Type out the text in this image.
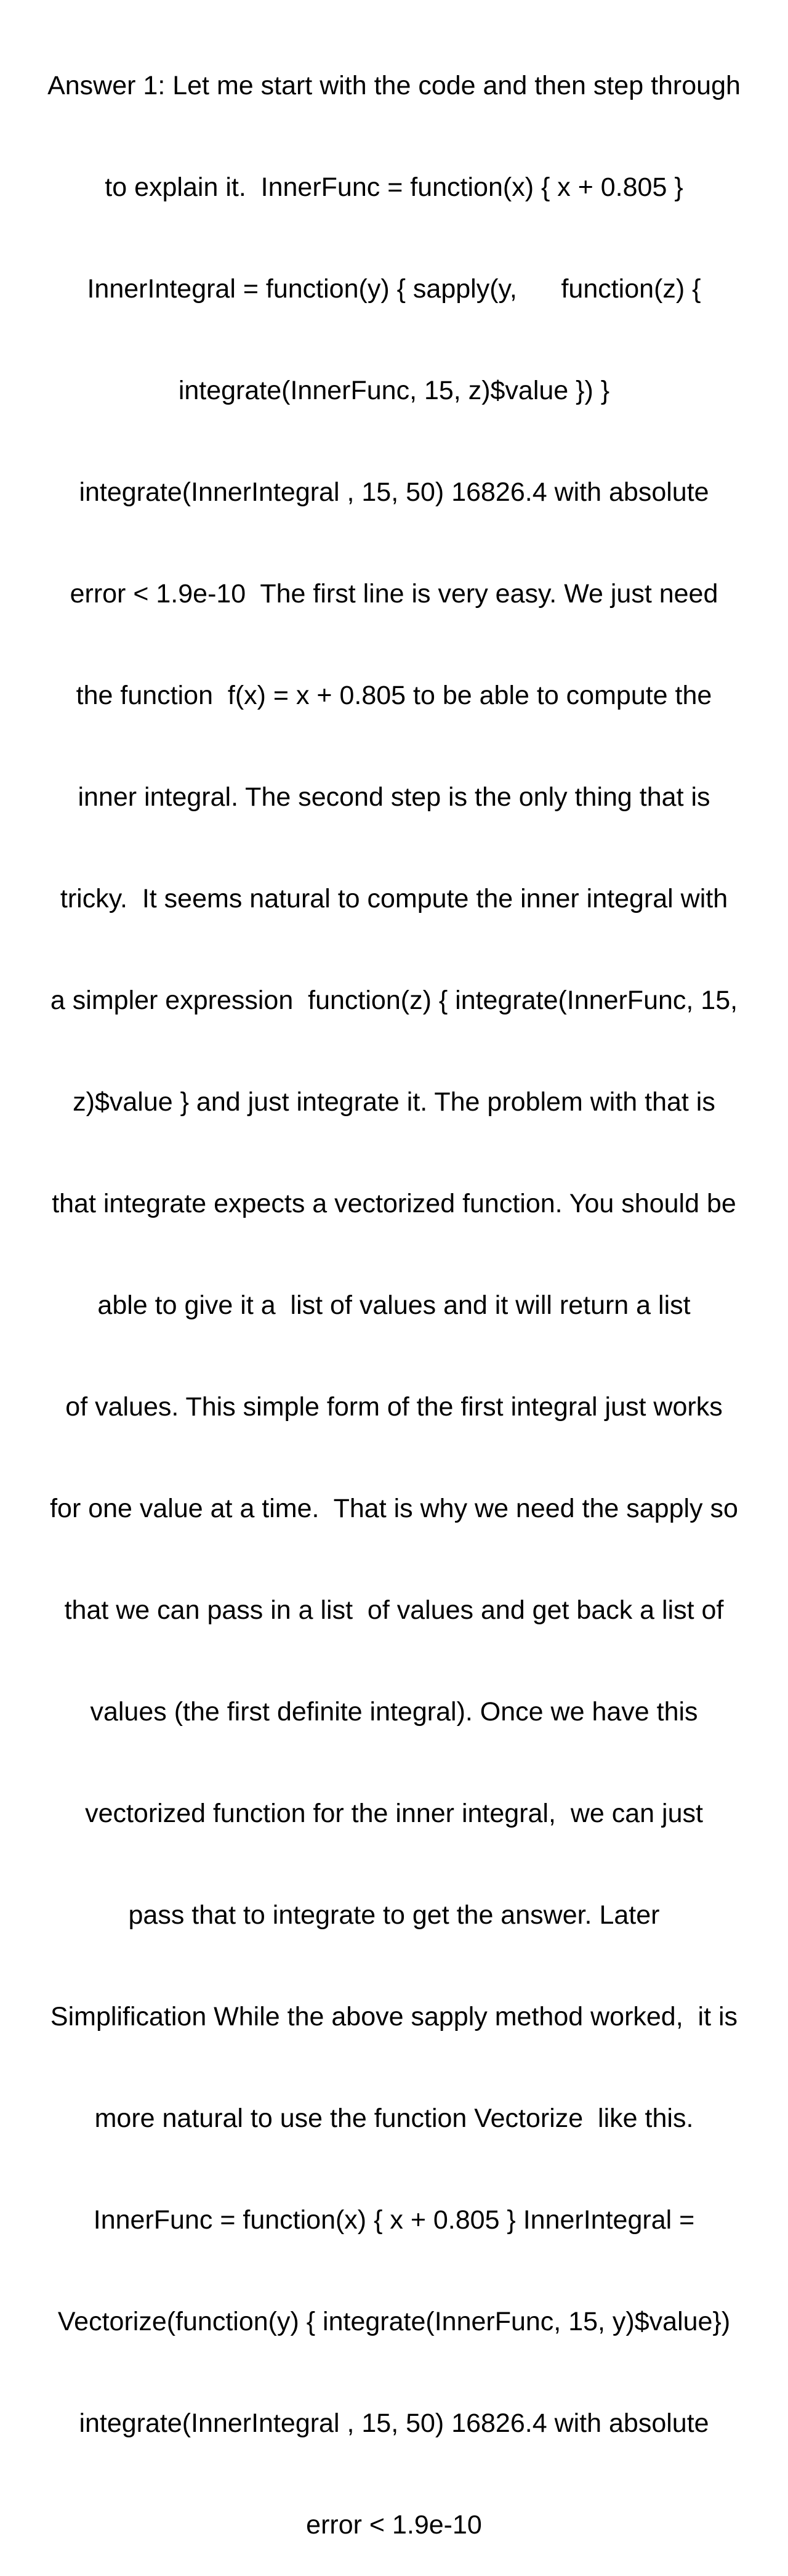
Answer 1: Let me start with the code and then step through

to explain it.  InnerFunc = function(x) { x + 0.805 }

InnerIntegral = function(y) { sapply(y,      function(z) {

integrate(InnerFunc, 15, z)$value }) }

integrate(InnerIntegral , 15, 50) 16826.4 with absolute

error < 1.9e-10  The first line is very easy. We just need

the function  f(x) = x + 0.805 to be able to compute the

inner integral. The second step is the only thing that is

tricky.  It seems natural to compute the inner integral with

a simpler expression  function(z) { integrate(InnerFunc, 15,

z)$value } and just integrate it. The problem with that is

that integrate expects a vectorized function. You should be

able to give it a  list of values and it will return a list

of values. This simple form of the first integral just works

for one value at a time.  That is why we need the sapply so

that we can pass in a list  of values and get back a list of

values (the first definite integral). Once we have this

vectorized function for the inner integral,  we can just

pass that to integrate to get the answer. Later

Simplification While the above sapply method worked,  it is

more natural to use the function Vectorize  like this.

InnerFunc = function(x) { x + 0.805 } InnerIntegral =

Vectorize(function(y) { integrate(InnerFunc, 15, y)$value})

integrate(InnerIntegral , 15, 50) 16826.4 with absolute

error < 1.9e-10
